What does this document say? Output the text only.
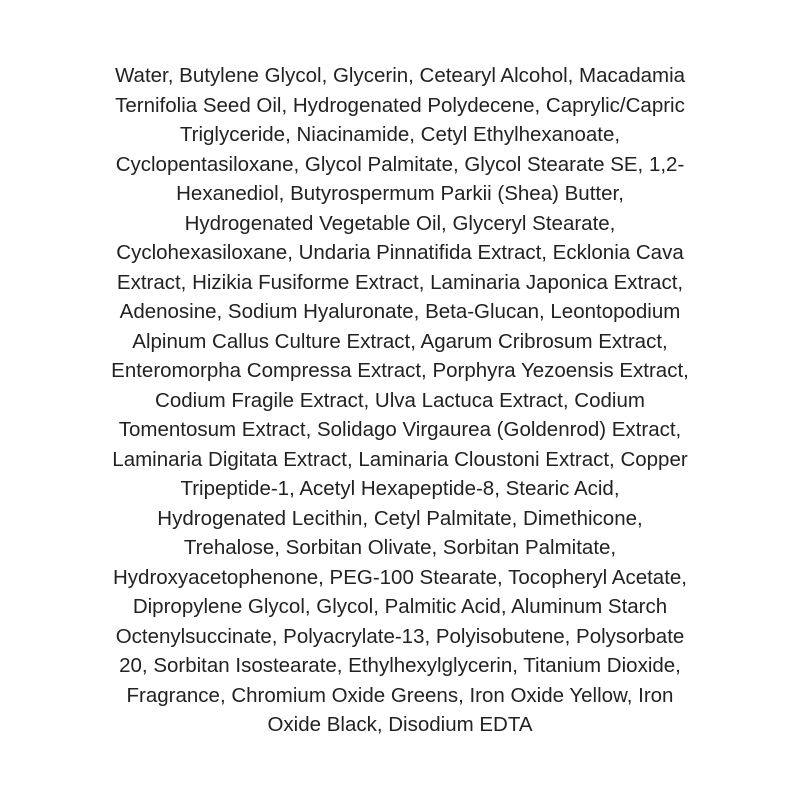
Water, Butylene Glycol, Glycerin, Cetearyl Alcohol, Macadamia
Ternifolia Seed Oil, Hydrogenated Polydecene, Caprylic/Capric
Triglyceride, Niacinamide, Cetyl Ethylhexanoate,
Cyclopentasiloxane, Glycol Palmitate, Glycol Stearate SE, 1,2-
Hexanediol, Butyrospermum Parkii (Shea) Butter,
Hydrogenated Vegetable Oil, Glyceryl Stearate,
Cyclohexasiloxane, Undaria Pinnatifida Extract, Ecklonia Cava
Extract, Hizikia Fusiforme Extract, Laminaria Japonica Extract,
Adenosine, Sodium Hyaluronate, Beta-Glucan, Leontopodium
Alpinum Callus Culture Extract, Agarum Cribrosum Extract,
Enteromorpha Compressa Extract, Porphyra Yezoensis Extract,
Codium Fragile Extract, Ulva Lactuca Extract, Codium
Tomentosum Extract, Solidago Virgaurea (Goldenrod) Extract,
Laminaria Digitata Extract, Laminaria Cloustoni Extract, Copper
Tripeptide-1, Acetyl Hexapeptide-8, Stearic Acid,
Hydrogenated Lecithin, Cetyl Palmitate, Dimethicone,
Trehalose, Sorbitan Olivate, Sorbitan Palmitate,
Hydroxyacetophenone, PEG-100 Stearate, Tocopheryl Acetate,
Dipropylene Glycol, Glycol, Palmitic Acid, Aluminum Starch
Octenylsuccinate, Polyacrylate-13, Polyisobutene, Polysorbate
20, Sorbitan Isostearate, Ethylhexylglycerin, Titanium Dioxide,
Fragrance, Chromium Oxide Greens, Iron Oxide Yellow, Iron
Oxide Black, Disodium EDTA
